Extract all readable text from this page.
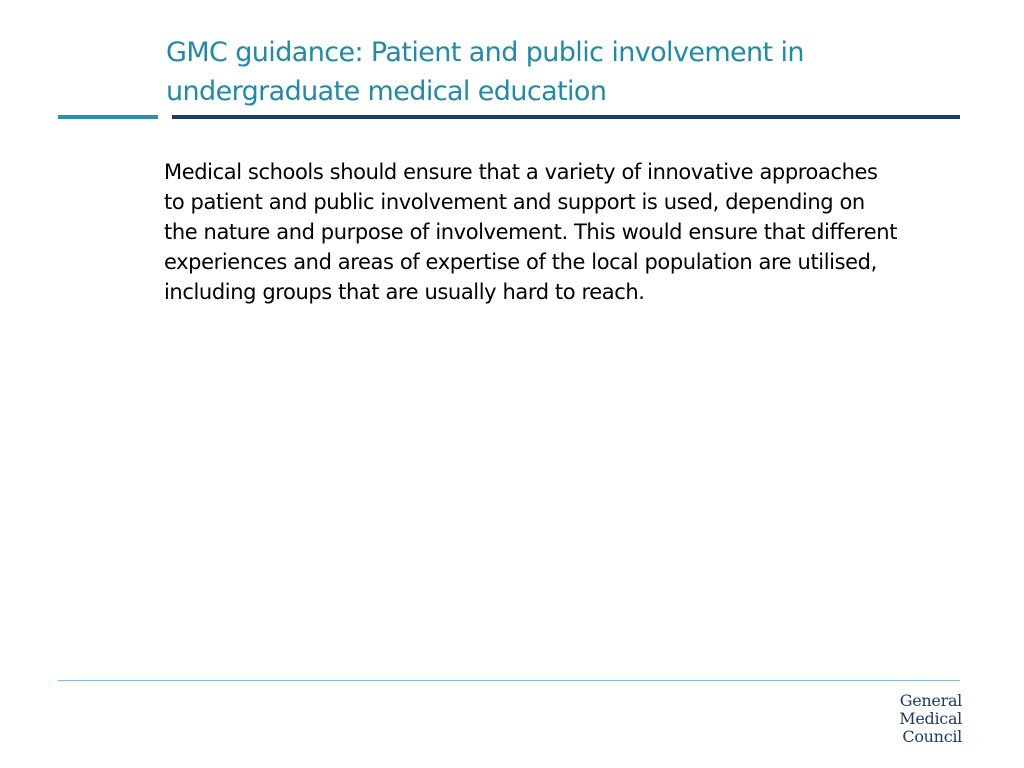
GMC guidance: Patient and public involvement in undergraduate medical education

Medical schools should ensure that a variety of innovative approaches to patient and public involvement and support is used, depending on the nature and purpose of involvement. This would ensure that different experiences and areas of expertise of the local population are utilised, including groups that are usually hard to reach.

General
Medical
Council
